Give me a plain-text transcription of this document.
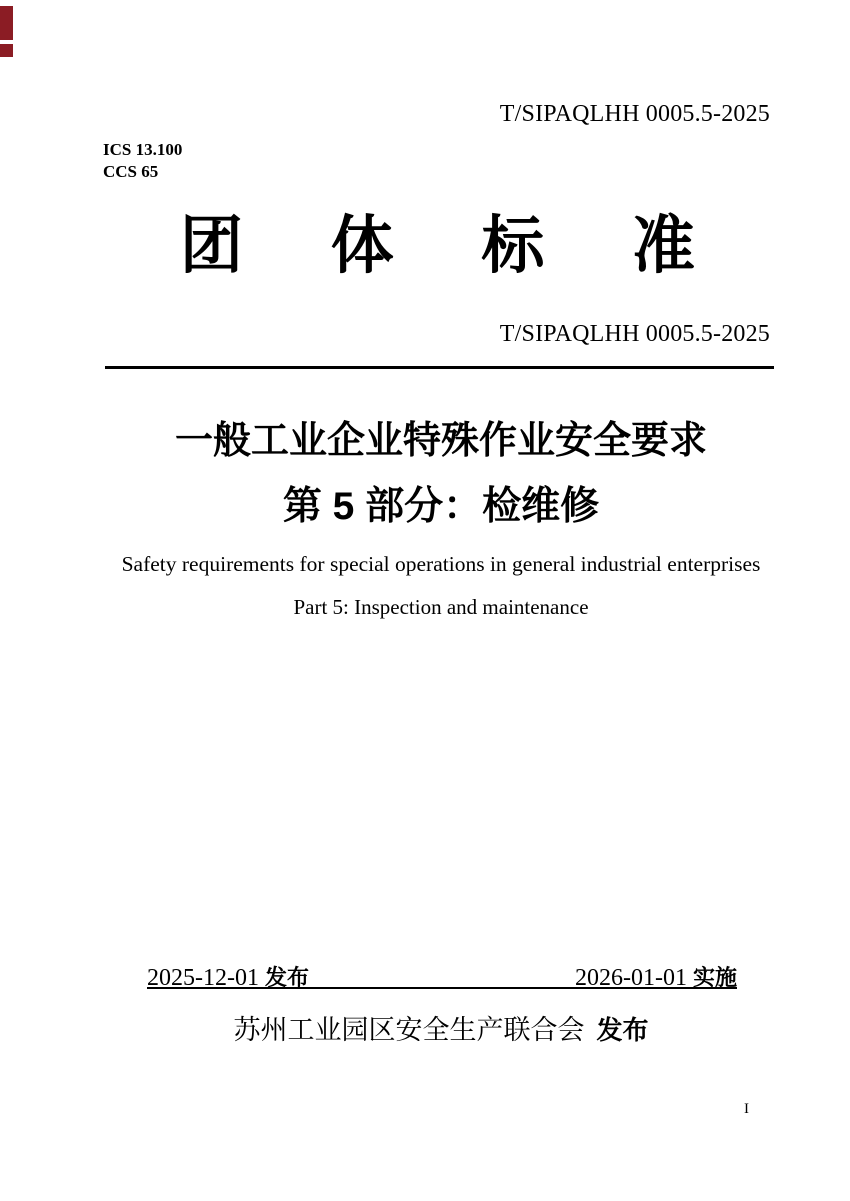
T/SIPAQLHH 0005.5-2025
ICS 13.100
CCS 65
团 体 标 准
T/SIPAQLHH 0005.5-2025
一般工业企业特殊作业安全要求
第 5 部分：检维修
Safety requirements for special operations in general industrial enterprises
Part 5: Inspection and maintenance
2025-12-01 发布	2026-01-01 实施
苏州工业园区安全生产联合会 发布
I
